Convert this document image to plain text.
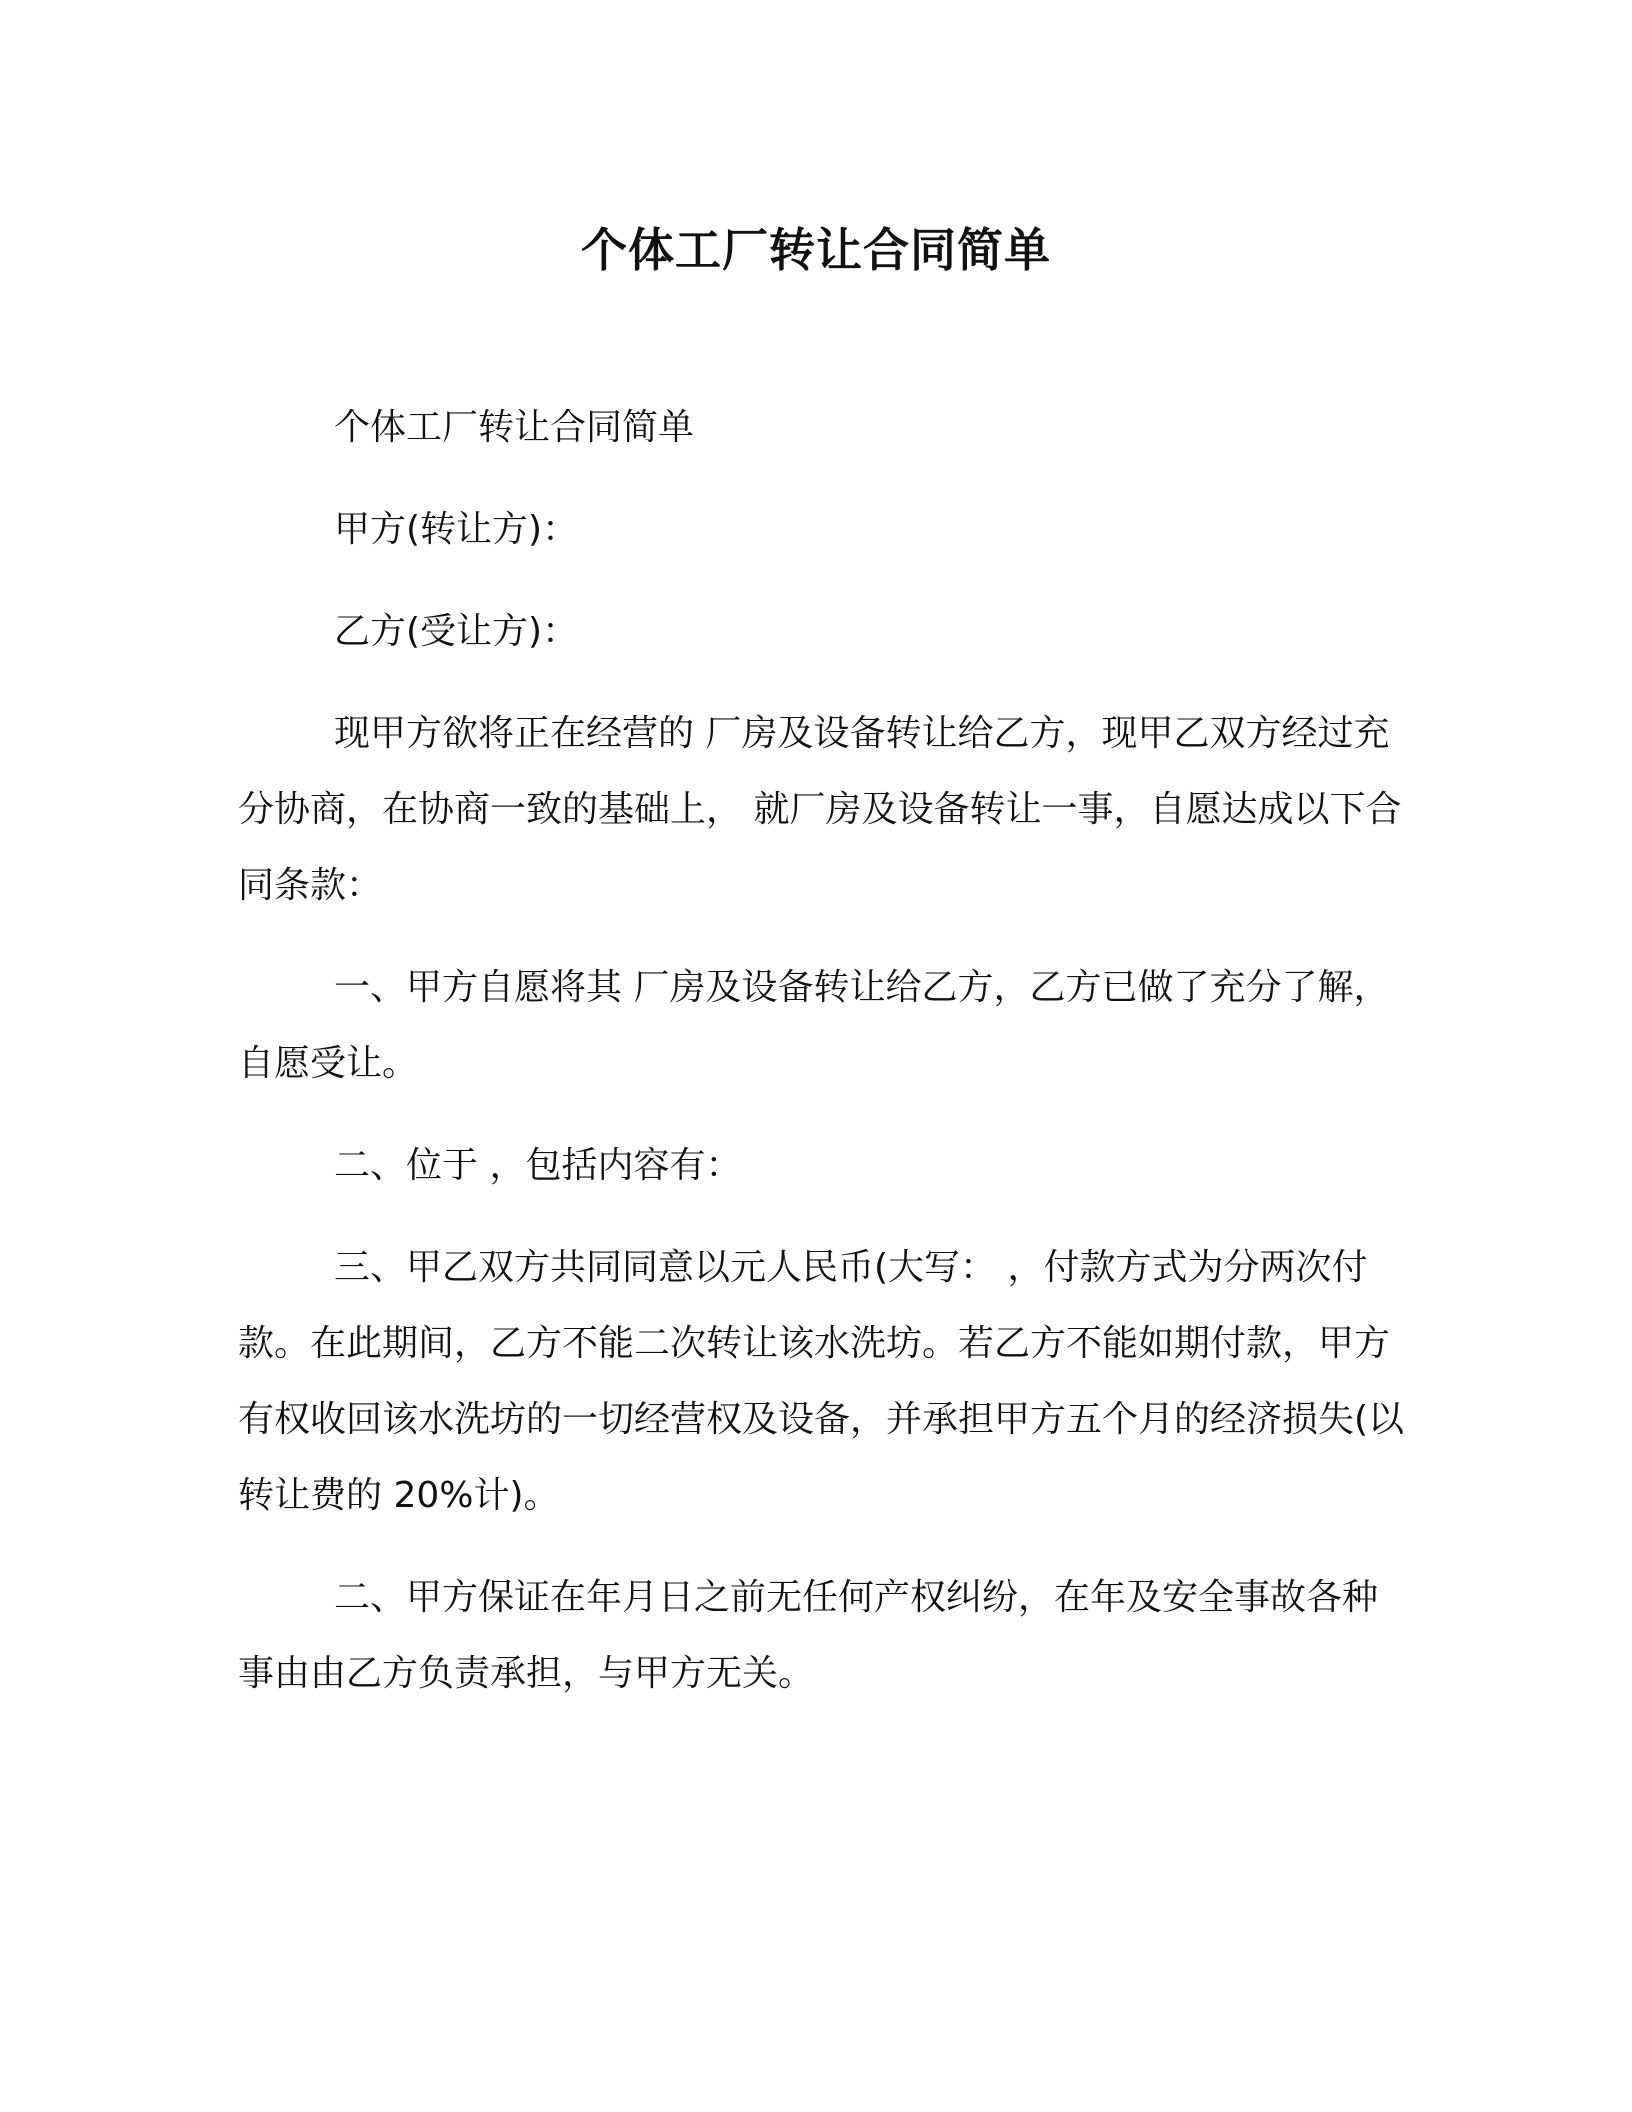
个体工厂转让合同简单

个体工厂转让合同简单

甲方(转让方)：

乙方(受让方)：

现甲方欲将正在经营的 厂房及设备转让给乙方，现甲乙双方经过充分协商，在协商一致的基础上， 就厂房及设备转让一事，自愿达成以下合同条款：

一、甲方自愿将其 厂房及设备转让给乙方，乙方已做了充分了解，自愿受让。

二、位于 ，包括内容有：

三、甲乙双方共同同意以元人民币(大写： ，付款方式为分两次付款。在此期间，乙方不能二次转让该水洗坊。若乙方不能如期付款，甲方有权收回该水洗坊的一切经营权及设备，并承担甲方五个月的经济损失(以转让费的 20%计)。

二、甲方保证在年月日之前无任何产权纠纷，在年及安全事故各种事由由乙方负责承担，与甲方无关。
